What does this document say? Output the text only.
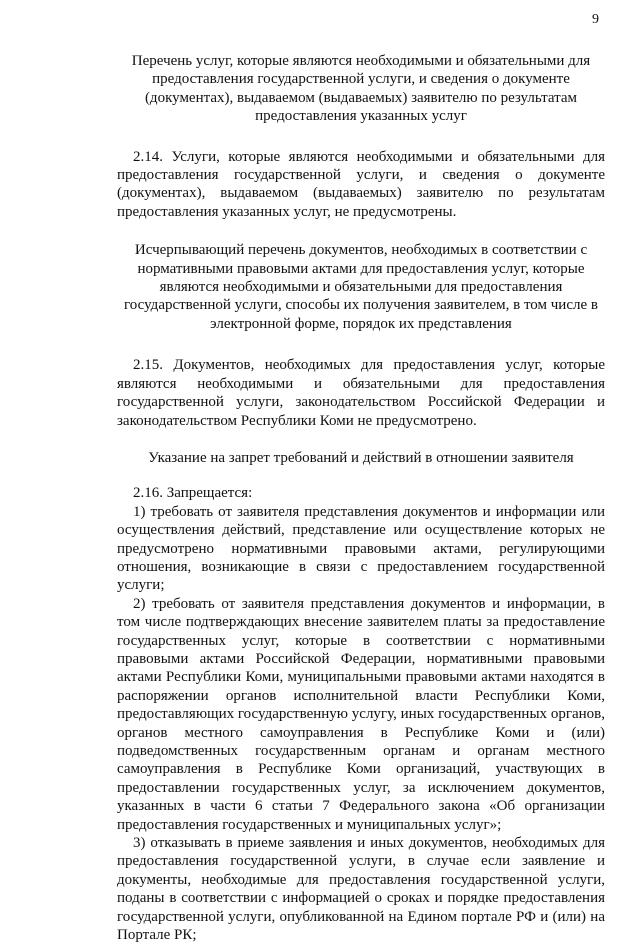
9

Перечень услуг, которые являются необходимыми и обязательными для предоставления государственной услуги, и сведения о документе (документах), выдаваемом (выдаваемых) заявителю по результатам предоставления указанных услуг

2.14. Услуги, которые являются необходимыми и обязательными для предоставления государственной услуги, и сведения о документе (документах), выдаваемом (выдаваемых) заявителю по результатам предоставления указанных услуг, не предусмотрены.

Исчерпывающий перечень документов, необходимых в соответствии с нормативными правовыми актами для предоставления услуг, которые являются необходимыми и обязательными для предоставления государственной услуги, способы их получения заявителем, в том числе в электронной форме, порядок их представления

2.15. Документов, необходимых для предоставления услуг, которые являются необходимыми и обязательными для предоставления государственной услуги, законодательством Российской Федерации и законодательством Республики Коми не предусмотрено.

Указание на запрет требований и действий в отношении заявителя

2.16. Запрещается:

1) требовать от заявителя представления документов и информации или осуществления действий, представление или осуществление которых не предусмотрено нормативными правовыми актами, регулирующими отношения, возникающие в связи с предоставлением государственной услуги;

2) требовать от заявителя представления документов и информации, в том числе подтверждающих внесение заявителем платы за предоставление государственных услуг, которые в соответствии с нормативными правовыми актами Российской Федерации, нормативными правовыми актами Республики Коми, муниципальными правовыми актами находятся в распоряжении органов исполнительной власти Республики Коми, предоставляющих государственную услугу, иных государственных органов, органов местного самоуправления в Республике Коми и (или) подведомственных государственным органам и органам местного самоуправления в Республике Коми организаций, участвующих в предоставлении государственных услуг, за исключением документов, указанных в части 6 статьи 7 Федерального закона «Об организации предоставления государственных и муниципальных услуг»;

3) отказывать в приеме заявления и иных документов, необходимых для предоставления государственной услуги, в случае если заявление и документы, необходимые для предоставления государственной услуги, поданы в соответствии с информацией о сроках и порядке предоставления государственной услуги, опубликованной на Едином портале РФ и (или) на Портале РК;
